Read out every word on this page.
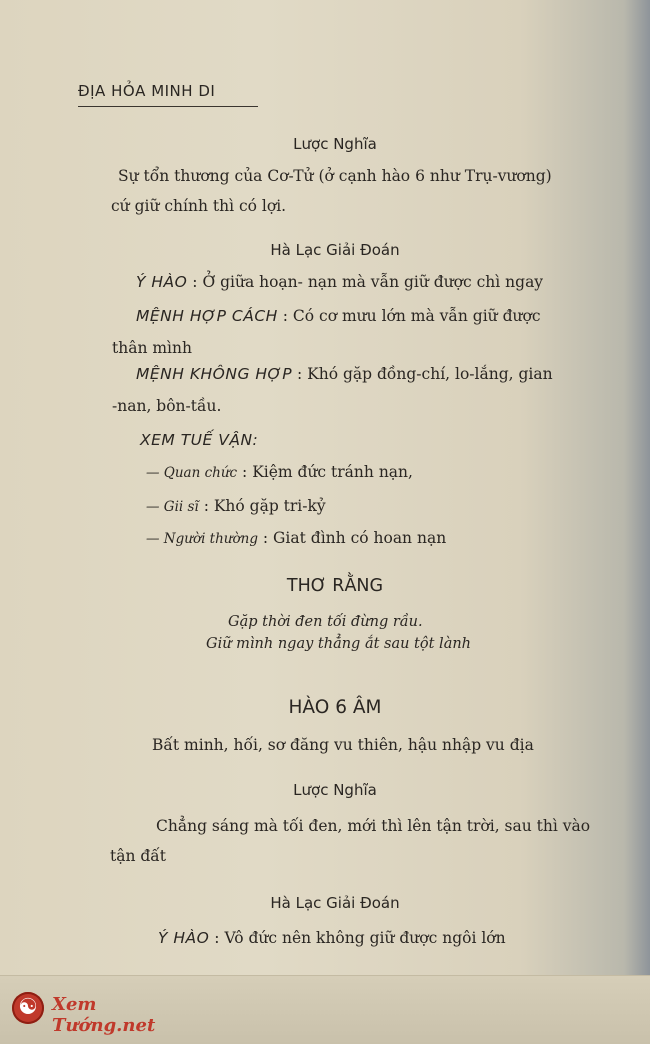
ĐỊA HỎA MINH DI
Lược Nghĩa
Sự tổn thương của Cơ-Tử (ở cạnh hào 6 như Trụ-vương)
cứ giữ chính thì có lợi.
Hà Lạc Giải Đoán
Ý HÀO : Ở giữa hoạn- nạn mà vẫn giữ được chì ngay
MỆNH HỢP CÁCH : Có cơ mưu lớn mà vẫn giữ được
thân mình
MỆNH KHÔNG HỢP : Khó gặp đồng-chí, lo-lắng, gian
-nan, bôn-tầu.
XEM TUẾ VẬN:
— Quan chức : Kiệm đức tránh nạn,
— Gii sĩ : Khó gặp tri-kỷ
— Người thường : Giat đình có hoan nạn
THƠ RẰNG
Gặp thời đen tối đừng rầu.
Giữ mình ngay thẳng ắt sau tột lành
HÀO 6 ÂM
Bất minh, hối, sơ đăng vu thiên, hậu nhập vu địa
Lược Nghĩa
Chẳng sáng mà tối đen, mới thì lên tận trời, sau thì vào
tận đất
Hà Lạc Giải Đoán
Ý HÀO : Vô đức nên không giữ được ngôi lớn
☯
Xem Tướng.net
